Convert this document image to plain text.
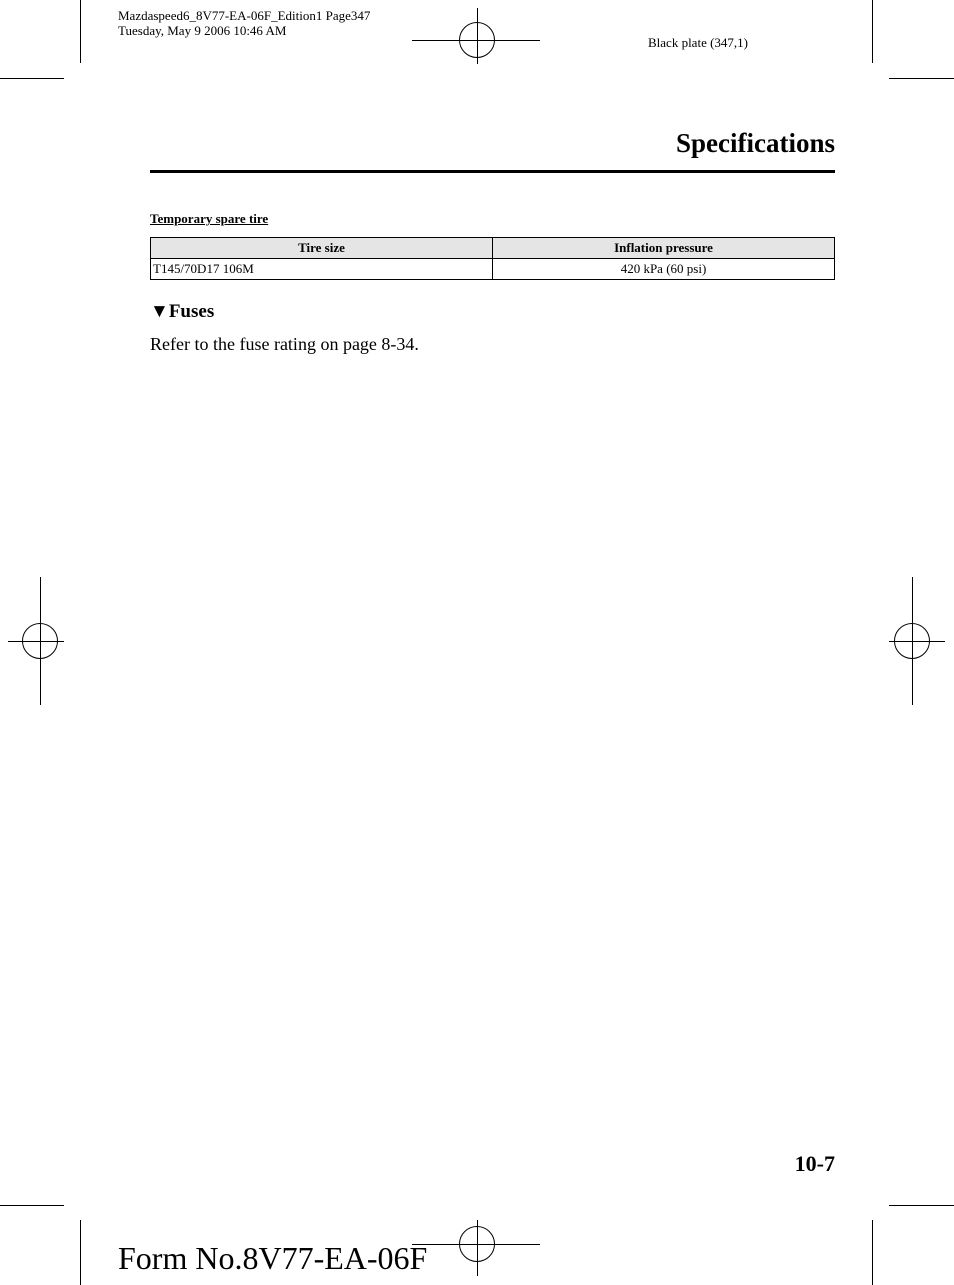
Mazdaspeed6_8V77-EA-06F_Edition1 Page347
Tuesday, May 9 2006 10:46 AM
Black plate (347,1)
Specifications
Temporary spare tire
Tire size	Inflation pressure
T145/70D17 106M	420 kPa (60 psi)
▼Fuses
Refer to the fuse rating on page 8-34.
10-7
Form No.8V77-EA-06F
